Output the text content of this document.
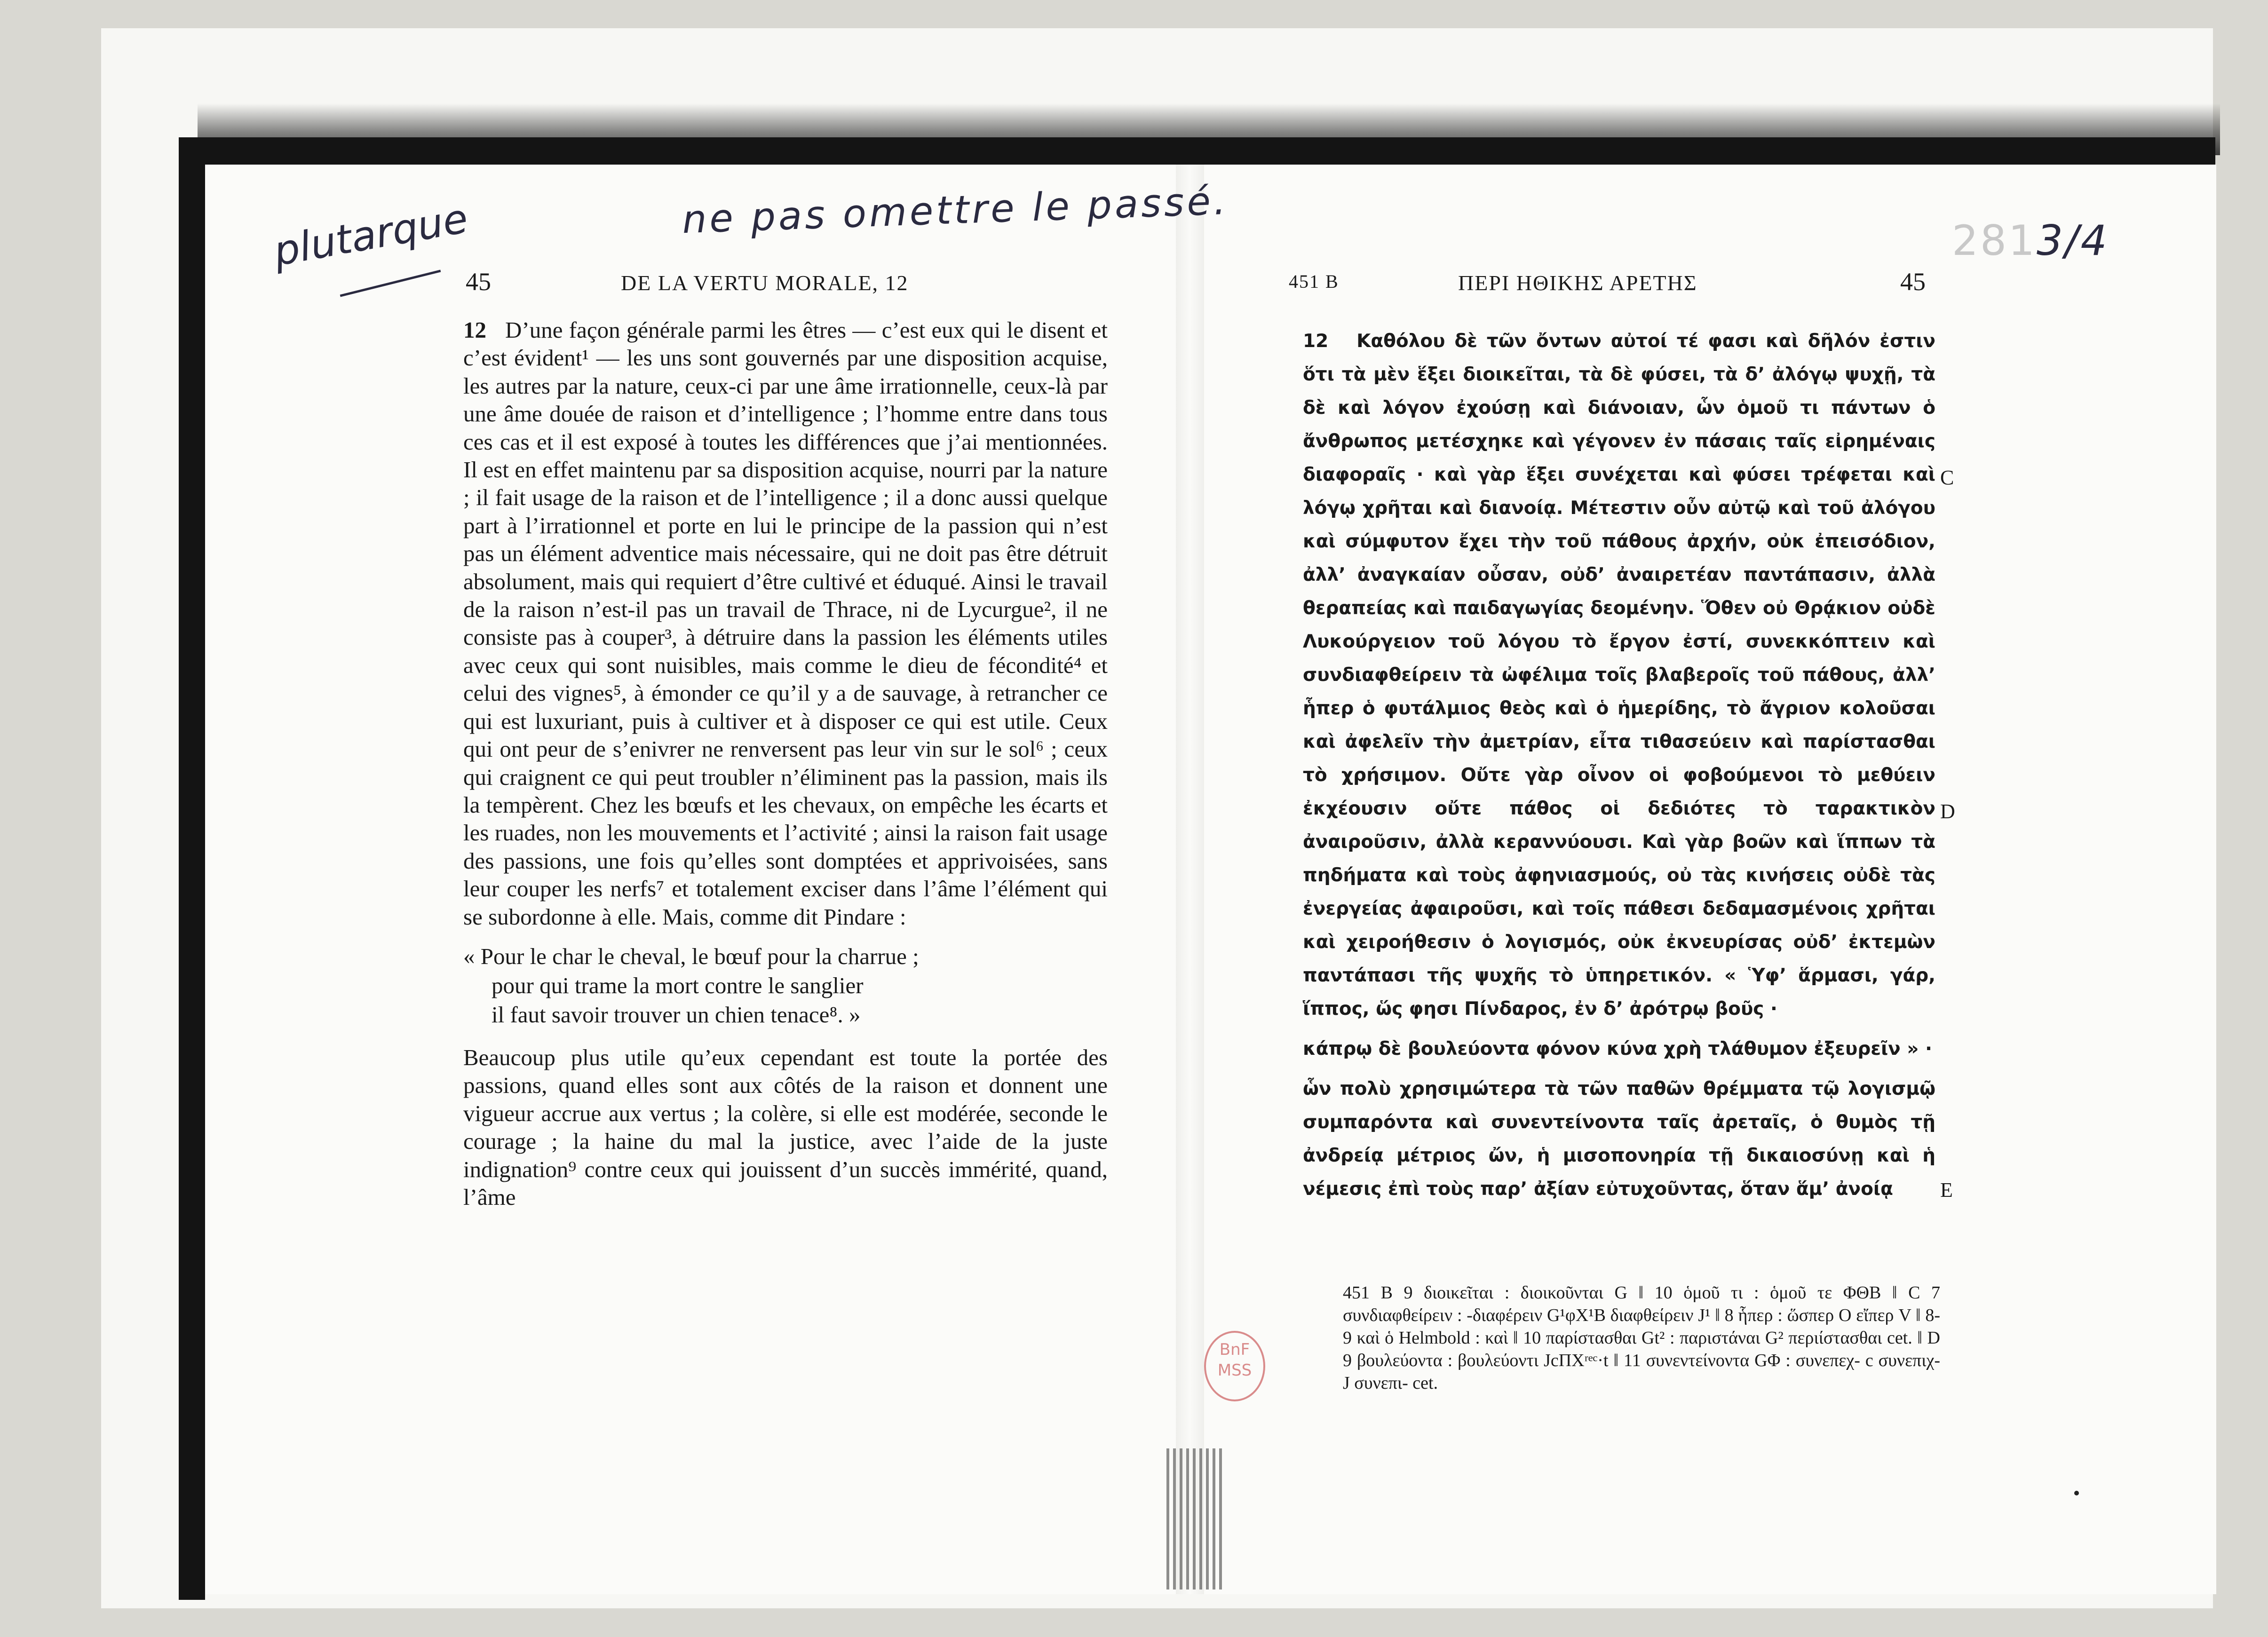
ne pas omettre le passé.
plutarque	2813/4
45	DE LA VERTU MORALE, 12

12 D’une façon générale parmi les êtres — c’est eux qui le disent et c’est évident¹ — les uns sont gouvernés par une disposition acquise, les autres par la nature, ceux-ci par une âme irrationnelle, ceux-là par une âme douée de raison et d’intelligence ; l’homme entre dans tous ces cas et il est exposé à toutes les différences que j’ai mentionnées. Il est en effet maintenu par sa disposition acquise, nourri par la nature ; il fait usage de la raison et de l’intelligence ; il a donc aussi quelque part à l’irrationnel et porte en lui le principe de la passion qui n’est pas un élément adventice mais nécessaire, qui ne doit pas être détruit absolument, mais qui requiert d’être cultivé et éduqué. Ainsi le travail de la raison n’est-il pas un travail de Thrace, ni de Lycurgue², il ne consiste pas à couper³, à détruire dans la passion les éléments utiles avec ceux qui sont nuisibles, mais comme le dieu de fécondité⁴ et celui des vignes⁵, à émonder ce qu’il y a de sauvage, à retrancher ce qui est luxuriant, puis à cultiver et à disposer ce qui est utile. Ceux qui ont peur de s’enivrer ne renversent pas leur vin sur le sol⁶ ; ceux qui craignent ce qui peut troubler n’éliminent pas la passion, mais ils la tempèrent. Chez les bœufs et les chevaux, on empêche les écarts et les ruades, non les mouvements et l’activité ; ainsi la raison fait usage des passions, une fois qu’elles sont domptées et apprivoisées, sans leur couper les nerfs⁷ et totalement exciser dans l’âme l’élément qui se subordonne à elle. Mais, comme dit Pindare :

« Pour le char le cheval, le bœuf pour la charrue ;
pour qui trame la mort contre le sanglier
il faut savoir trouver un chien tenace⁸. »

Beaucoup plus utile qu’eux cependant est toute la portée des passions, quand elles sont aux côtés de la raison et donnent une vigueur accrue aux vertus ; la colère, si elle est modérée, seconde le courage ; la haine du mal la justice, avec l’aide de la juste indignation⁹ contre ceux qui jouissent d’un succès immérité, quand, l’âme

451 B	ΠΕΡΙ ΗΘΙΚΗΣ ΑΡΕΤΗΣ	45

12 Καθόλου δὲ τῶν ὄντων αὐτοί τέ φασι καὶ δῆλόν ἐστιν ὅτι τὰ μὲν ἕξει διοικεῖται, τὰ δὲ φύσει, τὰ δ’ ἀλόγῳ ψυχῇ, τὰ δὲ καὶ λόγον ἐχούσῃ καὶ διάνοιαν, ὧν ὁμοῦ τι πάντων ὁ ἄνθρωπος μετέσχηκε καὶ γέγονεν ἐν πάσαις ταῖς εἰρημέναις διαφοραῖς · καὶ γὰρ ἕξει συνέχεται καὶ φύσει τρέφεται καὶ λόγῳ χρῆται καὶ διανοίᾳ. Μέτεστιν οὖν αὐτῷ καὶ τοῦ ἀλόγου καὶ σύμφυτον ἔχει τὴν τοῦ πάθους ἀρχήν, οὐκ ἐπεισόδιον, ἀλλ’ ἀναγκαίαν οὖσαν, οὐδ’ ἀναιρετέαν παντάπασιν, ἀλλὰ θεραπείας καὶ παιδαγωγίας δεομένην. Ὅθεν οὐ Θρᾴκιον οὐδὲ Λυκούργειον τοῦ λόγου τὸ ἔργον ἐστί, συνεκκόπτειν καὶ συνδιαφθείρειν τὰ ὠφέλιμα τοῖς βλαβεροῖς τοῦ πάθους, ἀλλ’ ἧπερ ὁ φυτάλμιος θεὸς καὶ ὁ ἡμερίδης, τὸ ἄγριον κολοῦσαι καὶ ἀφελεῖν τὴν ἀμετρίαν, εἶτα τιθασεύειν καὶ παρίστασθαι τὸ χρήσιμον. Οὔτε γὰρ οἶνον οἱ φοβούμενοι τὸ μεθύειν ἐκχέουσιν οὔτε πάθος οἱ δεδιότες τὸ ταρακτικὸν ἀναιροῦσιν, ἀλλὰ κεραννύουσι. Καὶ γὰρ βοῶν καὶ ἵππων τὰ πηδήματα καὶ τοὺς ἀφηνιασμούς, οὐ τὰς κινήσεις οὐδὲ τὰς ἐνεργείας ἀφαιροῦσι, καὶ τοῖς πάθεσι δεδαμασμένοις χρῆται καὶ χειροήθεσιν ὁ λογισμός, οὐκ ἐκνευρίσας οὐδ’ ἐκτεμὼν παντάπασι τῆς ψυχῆς τὸ ὑπηρετικόν. « Ὑφ’ ἅρμασι, γάρ, ἵππος, ὥς φησι Πίνδαρος, ἐν δ’ ἀρότρῳ βοῦς ·

κάπρῳ δὲ βουλεύοντα φόνον κύνα χρὴ τλάθυμον ἐξευρεῖν » ·

ὧν πολὺ χρησιμώτερα τὰ τῶν παθῶν θρέμματα τῷ λογισμῷ συμπαρόντα καὶ συνεντείνοντα ταῖς ἀρεταῖς, ὁ θυμὸς τῇ ἀνδρείᾳ μέτριος ὤν, ἡ μισοπονηρία τῇ δικαιοσύνῃ καὶ ἡ νέμεσις ἐπὶ τοὺς παρ’ ἀξίαν εὐτυχοῦντας, ὅταν ἅμ’ ἀνοίᾳ

C
D
E
451 B 9 διοικεῖται : διοικοῦνται G ‖ 10 ὁμοῦ τι : ὁμοῦ τε ΦΘΒ ‖ C 7 συνδιαφθείρειν : -διαφέρειν G¹φX¹B διαφθείρειν J¹ ‖ 8 ἧπερ : ὥσπερ O εἴπερ V ‖ 8-9 καὶ ὁ Helmbold : καὶ ‖ 10 παρίστασθαι Gt² : παριστάναι G² περιίστασθαι cet. ‖ D 9 βουλεύοντα : βουλεύοντι JcΠXʳᵉᶜ·t ‖ 11 συνεντείνοντα GΦ : συνεπεχ- c συνεπιχ- J συνεπι- cet.
BnF
MSS
